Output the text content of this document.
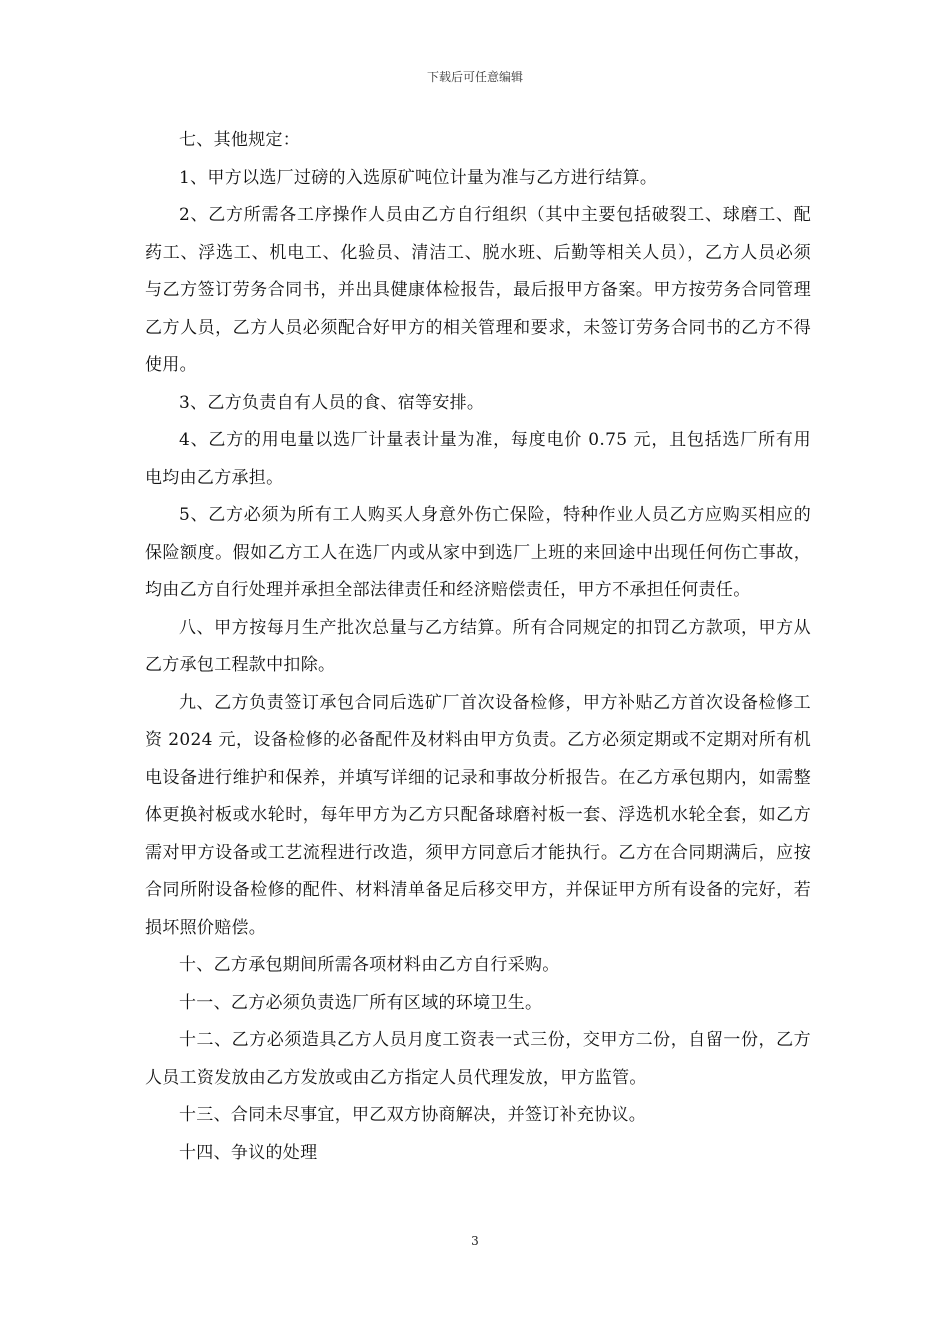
下载后可任意编辑

七、其他规定：

1、甲方以选厂过磅的入选原矿吨位计量为准与乙方进行结算。

2、乙方所需各工序操作人员由乙方自行组织（其中主要包括破裂工、球磨工、配药工、浮选工、机电工、化验员、清洁工、脱水班、后勤等相关人员），乙方人员必须与乙方签订劳务合同书，并出具健康体检报告，最后报甲方备案。甲方按劳务合同管理乙方人员，乙方人员必须配合好甲方的相关管理和要求，未签订劳务合同书的乙方不得使用。

3、乙方负责自有人员的食、宿等安排。

4、乙方的用电量以选厂计量表计量为准，每度电价 0.75 元，且包括选厂所有用电均由乙方承担。

5、乙方必须为所有工人购买人身意外伤亡保险，特种作业人员乙方应购买相应的保险额度。假如乙方工人在选厂内或从家中到选厂上班的来回途中出现任何伤亡事故，均由乙方自行处理并承担全部法律责任和经济赔偿责任，甲方不承担任何责任。

八、甲方按每月生产批次总量与乙方结算。所有合同规定的扣罚乙方款项，甲方从乙方承包工程款中扣除。

九、乙方负责签订承包合同后选矿厂首次设备检修，甲方补贴乙方首次设备检修工资 2024 元，设备检修的必备配件及材料由甲方负责。乙方必须定期或不定期对所有机电设备进行维护和保养，并填写详细的记录和事故分析报告。在乙方承包期内，如需整体更换衬板或水轮时，每年甲方为乙方只配备球磨衬板一套、浮选机水轮全套，如乙方需对甲方设备或工艺流程进行改造，须甲方同意后才能执行。乙方在合同期满后，应按合同所附设备检修的配件、材料清单备足后移交甲方，并保证甲方所有设备的完好，若损坏照价赔偿。

十、乙方承包期间所需各项材料由乙方自行采购。

十一、乙方必须负责选厂所有区域的环境卫生。

十二、乙方必须造具乙方人员月度工资表一式三份，交甲方二份，自留一份，乙方人员工资发放由乙方发放或由乙方指定人员代理发放，甲方监管。

十三、合同未尽事宜，甲乙双方协商解决，并签订补充协议。

十四、争议的处理

3
